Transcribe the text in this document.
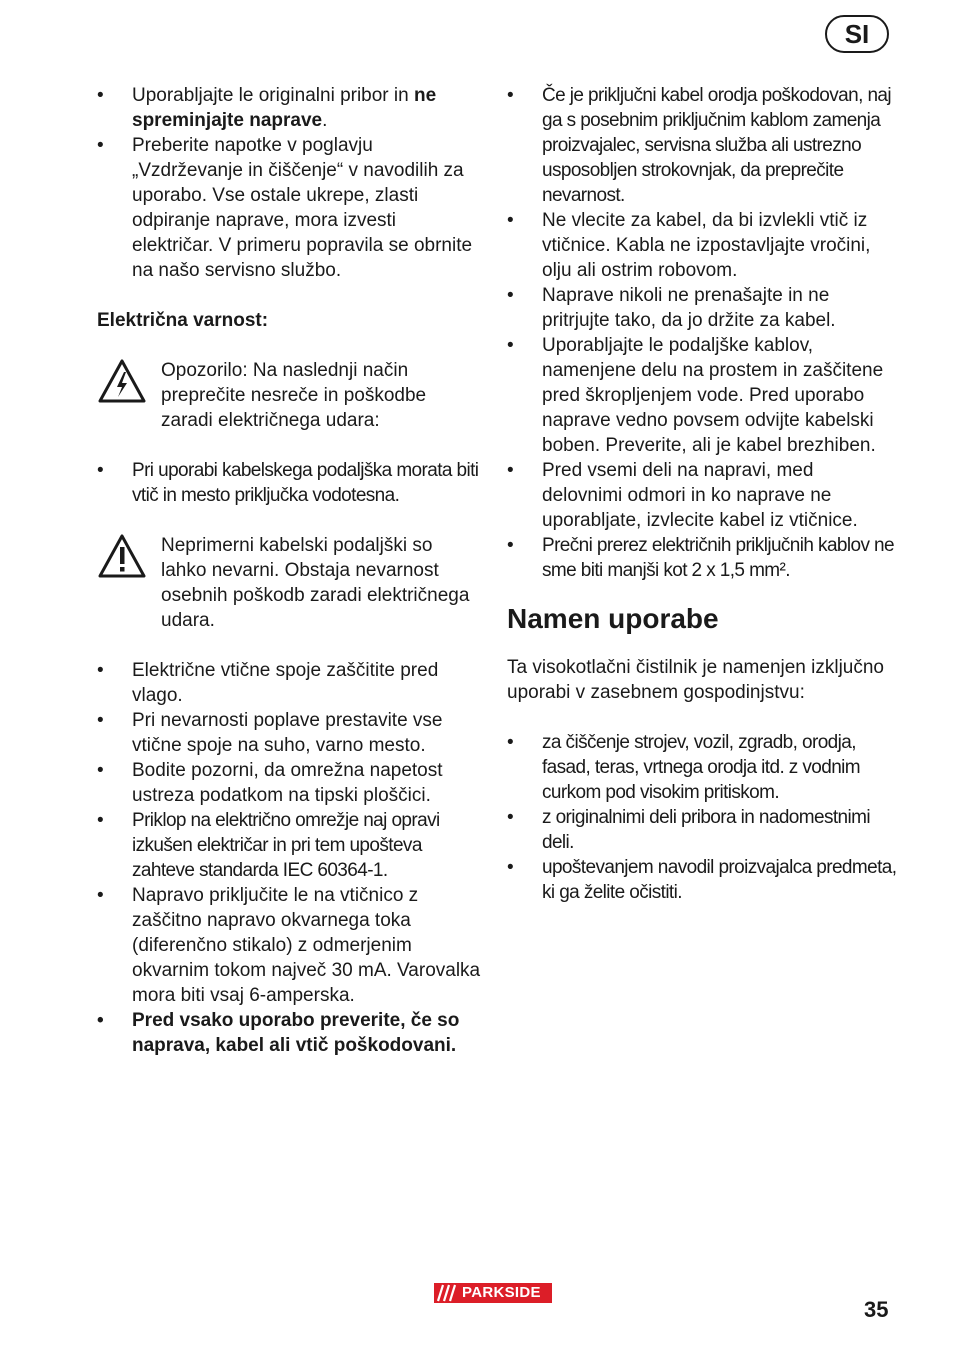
SI
• Uporabljajte le originalni pribor in ne spreminjajte naprave.
• Preberite napotke v poglavju „Vzdrževanje in čiščenje“ v navodilih za uporabo. Vse ostale ukrepe, zlasti odpiranje naprave, mora izvesti električar. V primeru popravila se obrnite na našo servisno službo.
Električna varnost:
Opozorilo: Na naslednji način preprečite nesreče in poškodbe zaradi električnega udara:
• Pri uporabi kabelskega podaljška morata biti vtič in mesto priključka vodotesna.
Neprimerni kabelski podaljški so lahko nevarni. Obstaja nevarnost osebnih poškodb zaradi električnega udara.
• Električne vtične spoje zaščitite pred vlago.
• Pri nevarnosti poplave prestavite vse vtične spoje na suho, varno mesto.
• Bodite pozorni, da omrežna napetost ustreza podatkom na tipski ploščici.
• Priklop na električno omrežje naj opravi izkušen električar in pri tem upošteva zahteve standarda IEC 60364-1.
• Napravo priključite le na vtičnico z zaščitno napravo okvarnega toka (diferenčno stikalo) z odmerjenim okvarnim tokom največ 30 mA. Varovalka mora biti vsaj 6-amperska.
• Pred vsako uporabo preverite, če so naprava, kabel ali vtič poškodovani.
• Če je priključni kabel orodja poškodovan, naj ga s posebnim priključnim kablom zamenja proizvajalec, servisna služba ali ustrezno usposobljen strokovnjak, da preprečite nevarnost.
• Ne vlecite za kabel, da bi izvlekli vtič iz vtičnice. Kabla ne izpostavljajte vročini, olju ali ostrim robovom.
• Naprave nikoli ne prenašajte in ne pritrjujte tako, da jo držite za kabel.
• Uporabljajte le podaljške kablov, namenjene delu na prostem in zaščitene pred škropljenjem vode. Pred uporabo naprave vedno povsem odvijte kabelski boben. Preverite, ali je kabel brezhiben.
• Pred vsemi deli na napravi, med delovnimi odmori in ko naprave ne uporabljate, izvlecite kabel iz vtičnice.
• Prečni prerez električnih priključnih kablov ne sme biti manjši kot 2 x 1,5 mm².
Namen uporabe
Ta visokotlačni čistilnik je namenjen izključno uporabi v zasebnem gospodinjstvu:
• za čiščenje strojev, vozil, zgradb, orodja, fasad, teras, vrtnega orodja itd. z vodnim curkom pod visokim pritiskom.
• z originalnimi deli pribora in nadomestnimi deli.
• upoštevanjem navodil proizvajalca predmeta, ki ga želite očistiti.
PARKSIDE
35
